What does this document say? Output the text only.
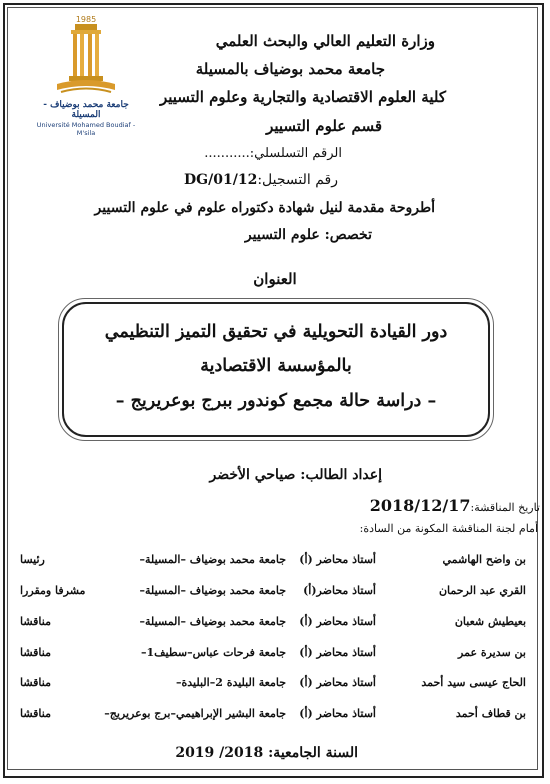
1985
جامعة محمد بوضياف - المسيلة
Université Mohamed Boudiaf - M'sila
وزارة التعليم العالي والبحث العلمي
جامعة محمد بوضياف بالمسيلة
كلية العلوم الاقتصادية والتجارية وعلوم التسيير
قسم علوم التسيير
الرقم التسلسلي:...........
رقم التسجيل:DG/01/12
أطروحة مقدمة لنيل شهادة دكتوراه علوم في علوم التسيير
تخصص: علوم التسيير
العنوان
دور القيادة التحويلية في تحقيق التميز التنظيمي
بالمؤسسة الاقتصادية
– دراسة حالة مجمع كوندور ببرج بوعريريج –
إعداد الطالب: صياحي الأخضر
تاريخ المناقشة:2018/12/17
أمام لجنة المناقشة المكونة من السادة:
بن واضح الهاشمي
أستاذ محاضر (أ)
جامعة محمد بوضياف –المسيلة–
رئيسا
القري عبد الرحمان
أستاذ محاضر(أ)
جامعة محمد بوضياف –المسيلة–
مشرفا ومقررا
بعيطيش شعبان
أستاذ محاضر (أ)
جامعة محمد بوضياف –المسيلة–
مناقشا
بن سديرة عمر
أستاذ محاضر (أ)
جامعة فرحات عباس–سطيف1–
مناقشا
الحاج عيسى سيد أحمد
أستاذ محاضر (أ)
جامعة البليدة 2–البليدة–
مناقشا
بن قطاف أحمد
أستاذ محاضر (أ)
جامعة البشير الإبراهيمي–برج بوعريريج–
مناقشا
السنة الجامعية: 2018/ 2019
